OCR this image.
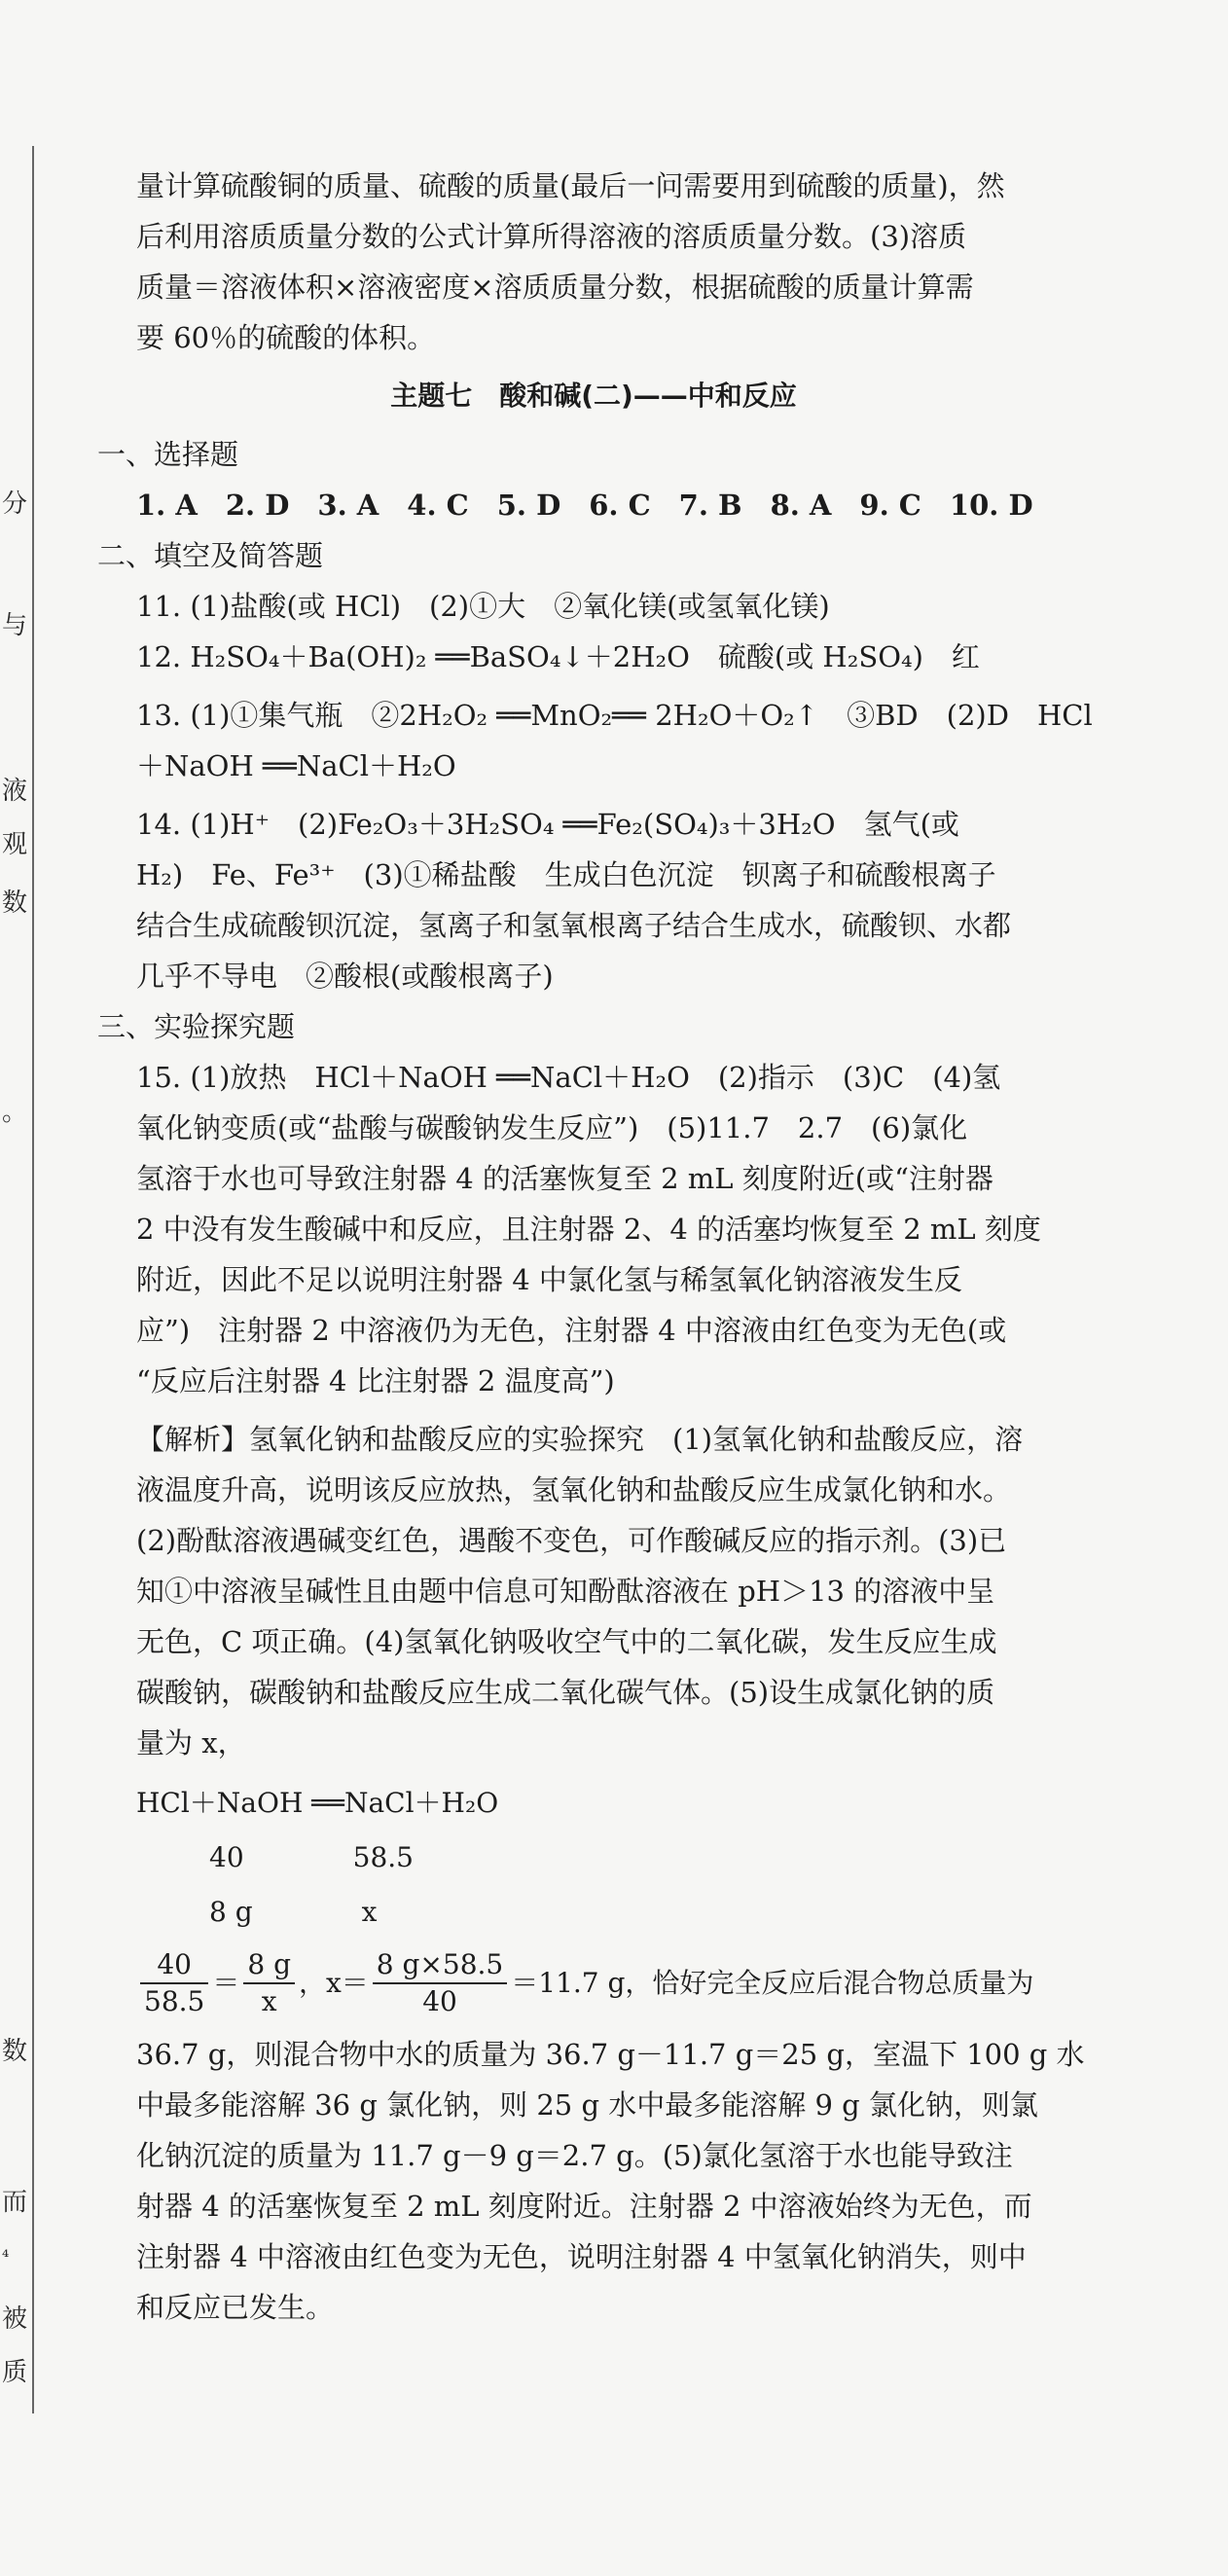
分
与
液
观
数
。
数
而
₄
被
质
量计算硫酸铜的质量、硫酸的质量(最后一问需要用到硫酸的质量)，然
后利用溶质质量分数的公式计算所得溶液的溶质质量分数。(3)溶质
质量＝溶液体积×溶液密度×溶质质量分数，根据硫酸的质量计算需
要 60％的硫酸的体积。
主题七　酸和碱(二)——中和反应
一、选择题
1. A　2. D　3. A　4. C　5. D　6. C　7. B　8. A　9. C　10. D
二、填空及简答题
11. (1)盐酸(或 HCl)　(2)①大　②氧化镁(或氢氧化镁)
12. H₂SO₄＋Ba(OH)₂ ══BaSO₄↓＋2H₂O　硫酸(或 H₂SO₄)　红
13. (1)①集气瓶　②2H₂O₂ ══MnO₂══ 2H₂O＋O₂↑　③BD　(2)D　HCl
＋NaOH ══NaCl＋H₂O
14. (1)H⁺　(2)Fe₂O₃＋3H₂SO₄ ══Fe₂(SO₄)₃＋3H₂O　氢气(或
H₂)　Fe、Fe³⁺　(3)①稀盐酸　生成白色沉淀　钡离子和硫酸根离子
结合生成硫酸钡沉淀，氢离子和氢氧根离子结合生成水，硫酸钡、水都
几乎不导电　②酸根(或酸根离子)
三、实验探究题
15. (1)放热　HCl＋NaOH ══NaCl＋H₂O　(2)指示　(3)C　(4)氢
氧化钠变质(或“盐酸与碳酸钠发生反应”)　(5)11.7　2.7　(6)氯化
氢溶于水也可导致注射器 4 的活塞恢复至 2 mL 刻度附近(或“注射器
2 中没有发生酸碱中和反应，且注射器 2、4 的活塞均恢复至 2 mL 刻度
附近，因此不足以说明注射器 4 中氯化氢与稀氢氧化钠溶液发生反
应”)　注射器 2 中溶液仍为无色，注射器 4 中溶液由红色变为无色(或
“反应后注射器 4 比注射器 2 温度高”)
【解析】氢氧化钠和盐酸反应的实验探究　(1)氢氧化钠和盐酸反应，溶
液温度升高，说明该反应放热，氢氧化钠和盐酸反应生成氯化钠和水。
(2)酚酞溶液遇碱变红色，遇酸不变色，可作酸碱反应的指示剂。(3)已
知①中溶液呈碱性且由题中信息可知酚酞溶液在 pH＞13 的溶液中呈
无色，C 项正确。(4)氢氧化钠吸收空气中的二氧化碳，发生反应生成
碳酸钠，碳酸钠和盐酸反应生成二氧化碳气体。(5)设生成氯化钠的质
量为 x，
HCl＋NaOH ══NaCl＋H₂O
40　　　　58.5
8 g　　　　x
$\frac{40}{58.5} = \frac{8 g}{x}$ ，$x= \frac{8 g\times 58.5}{40} =11.7$ g，恰好完全反应后混合物总质量为
36.7 g，则混合物中水的质量为 36.7 g－11.7 g＝25 g，室温下 100 g 水
中最多能溶解 36 g 氯化钠，则 25 g 水中最多能溶解 9 g 氯化钠，则氯
化钠沉淀的质量为 11.7 g－9 g＝2.7 g。(5)氯化氢溶于水也能导致注
射器 4 的活塞恢复至 2 mL 刻度附近。注射器 2 中溶液始终为无色，而
注射器 4 中溶液由红色变为无色，说明注射器 4 中氢氧化钠消失，则中
和反应已发生。
